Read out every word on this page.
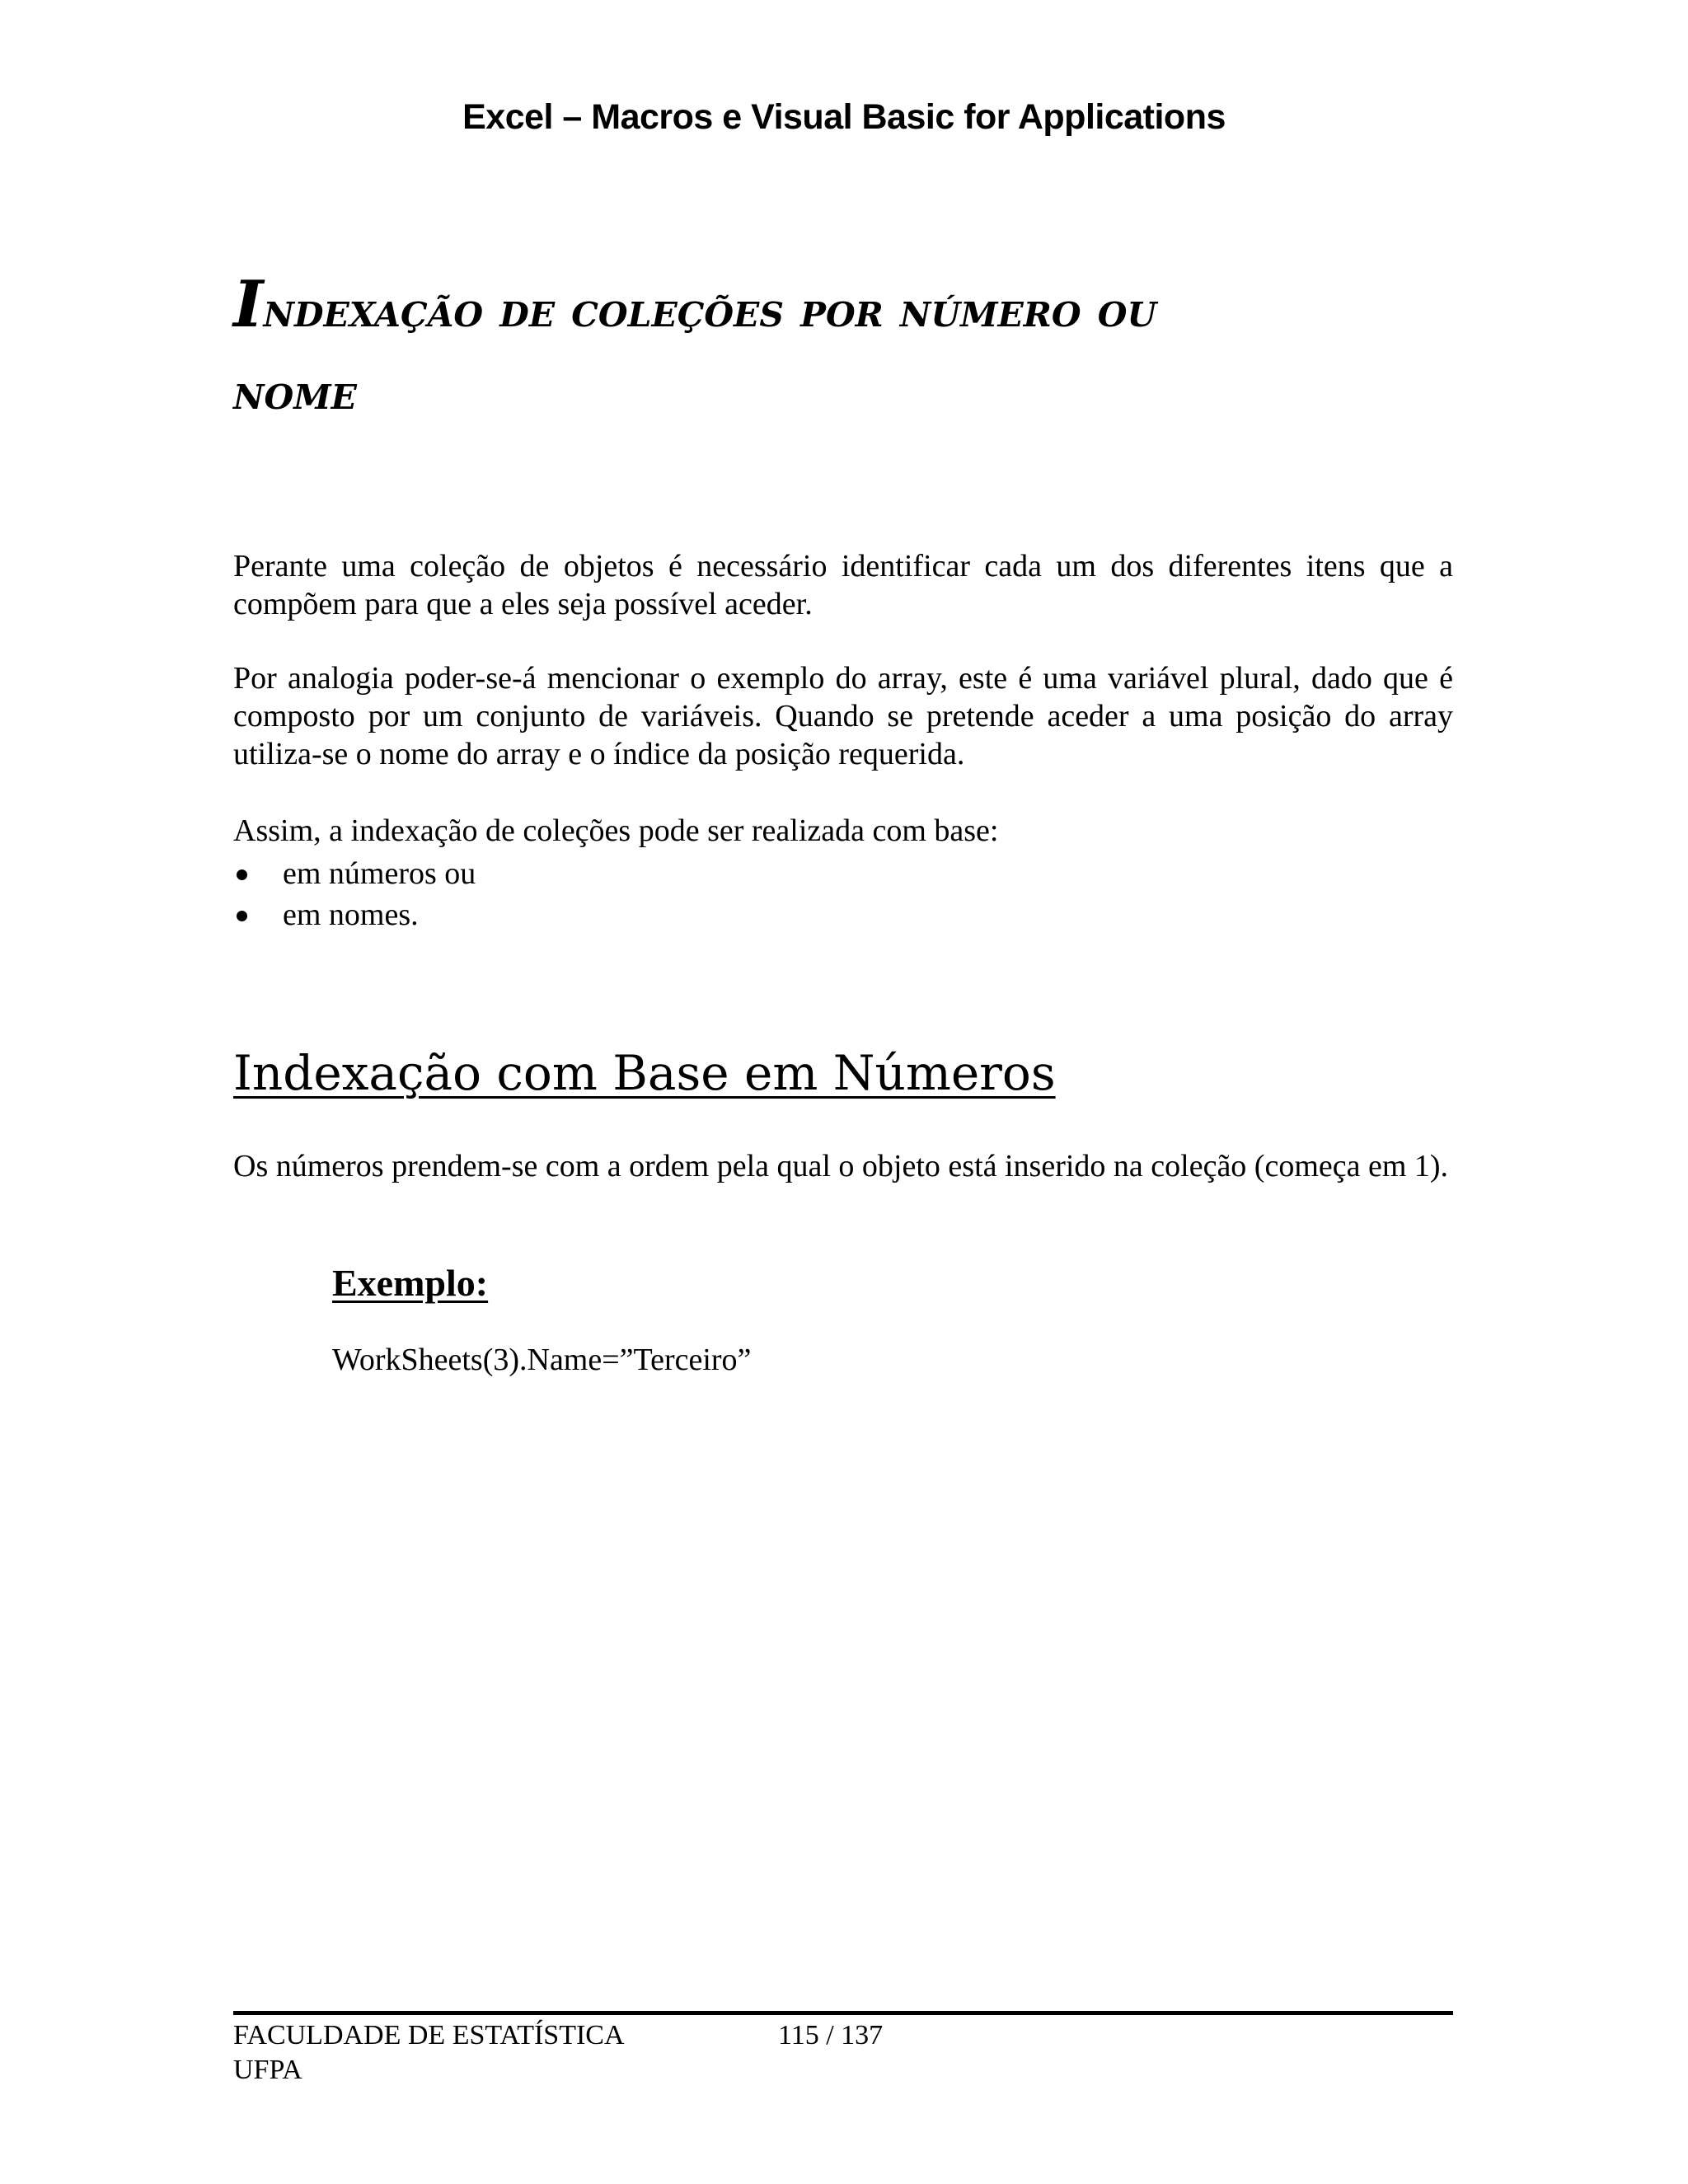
Excel – Macros e Visual Basic for Applications
Indexação de coleções por número ou
nome

Perante uma coleção de objetos é necessário identificar cada um dos diferentes itens que a compõem para que a eles seja possível aceder.

Por analogia poder-se-á mencionar o exemplo do array, este é uma variável plural, dado que é composto por um conjunto de variáveis. Quando se pretende aceder a uma posição do array utiliza-se o nome do array e o índice da posição requerida.

Assim, a indexação de coleções pode ser realizada com base:

em números ou
em nomes.
Indexação com Base em Números

Os números prendem-se com a ordem pela qual o objeto está inserido na coleção (começa em 1).

Exemplo:
WorkSheets(3).Name=”Terceiro”
FACULDADE DE ESTATÍSTICA
UFPA
115 / 137
